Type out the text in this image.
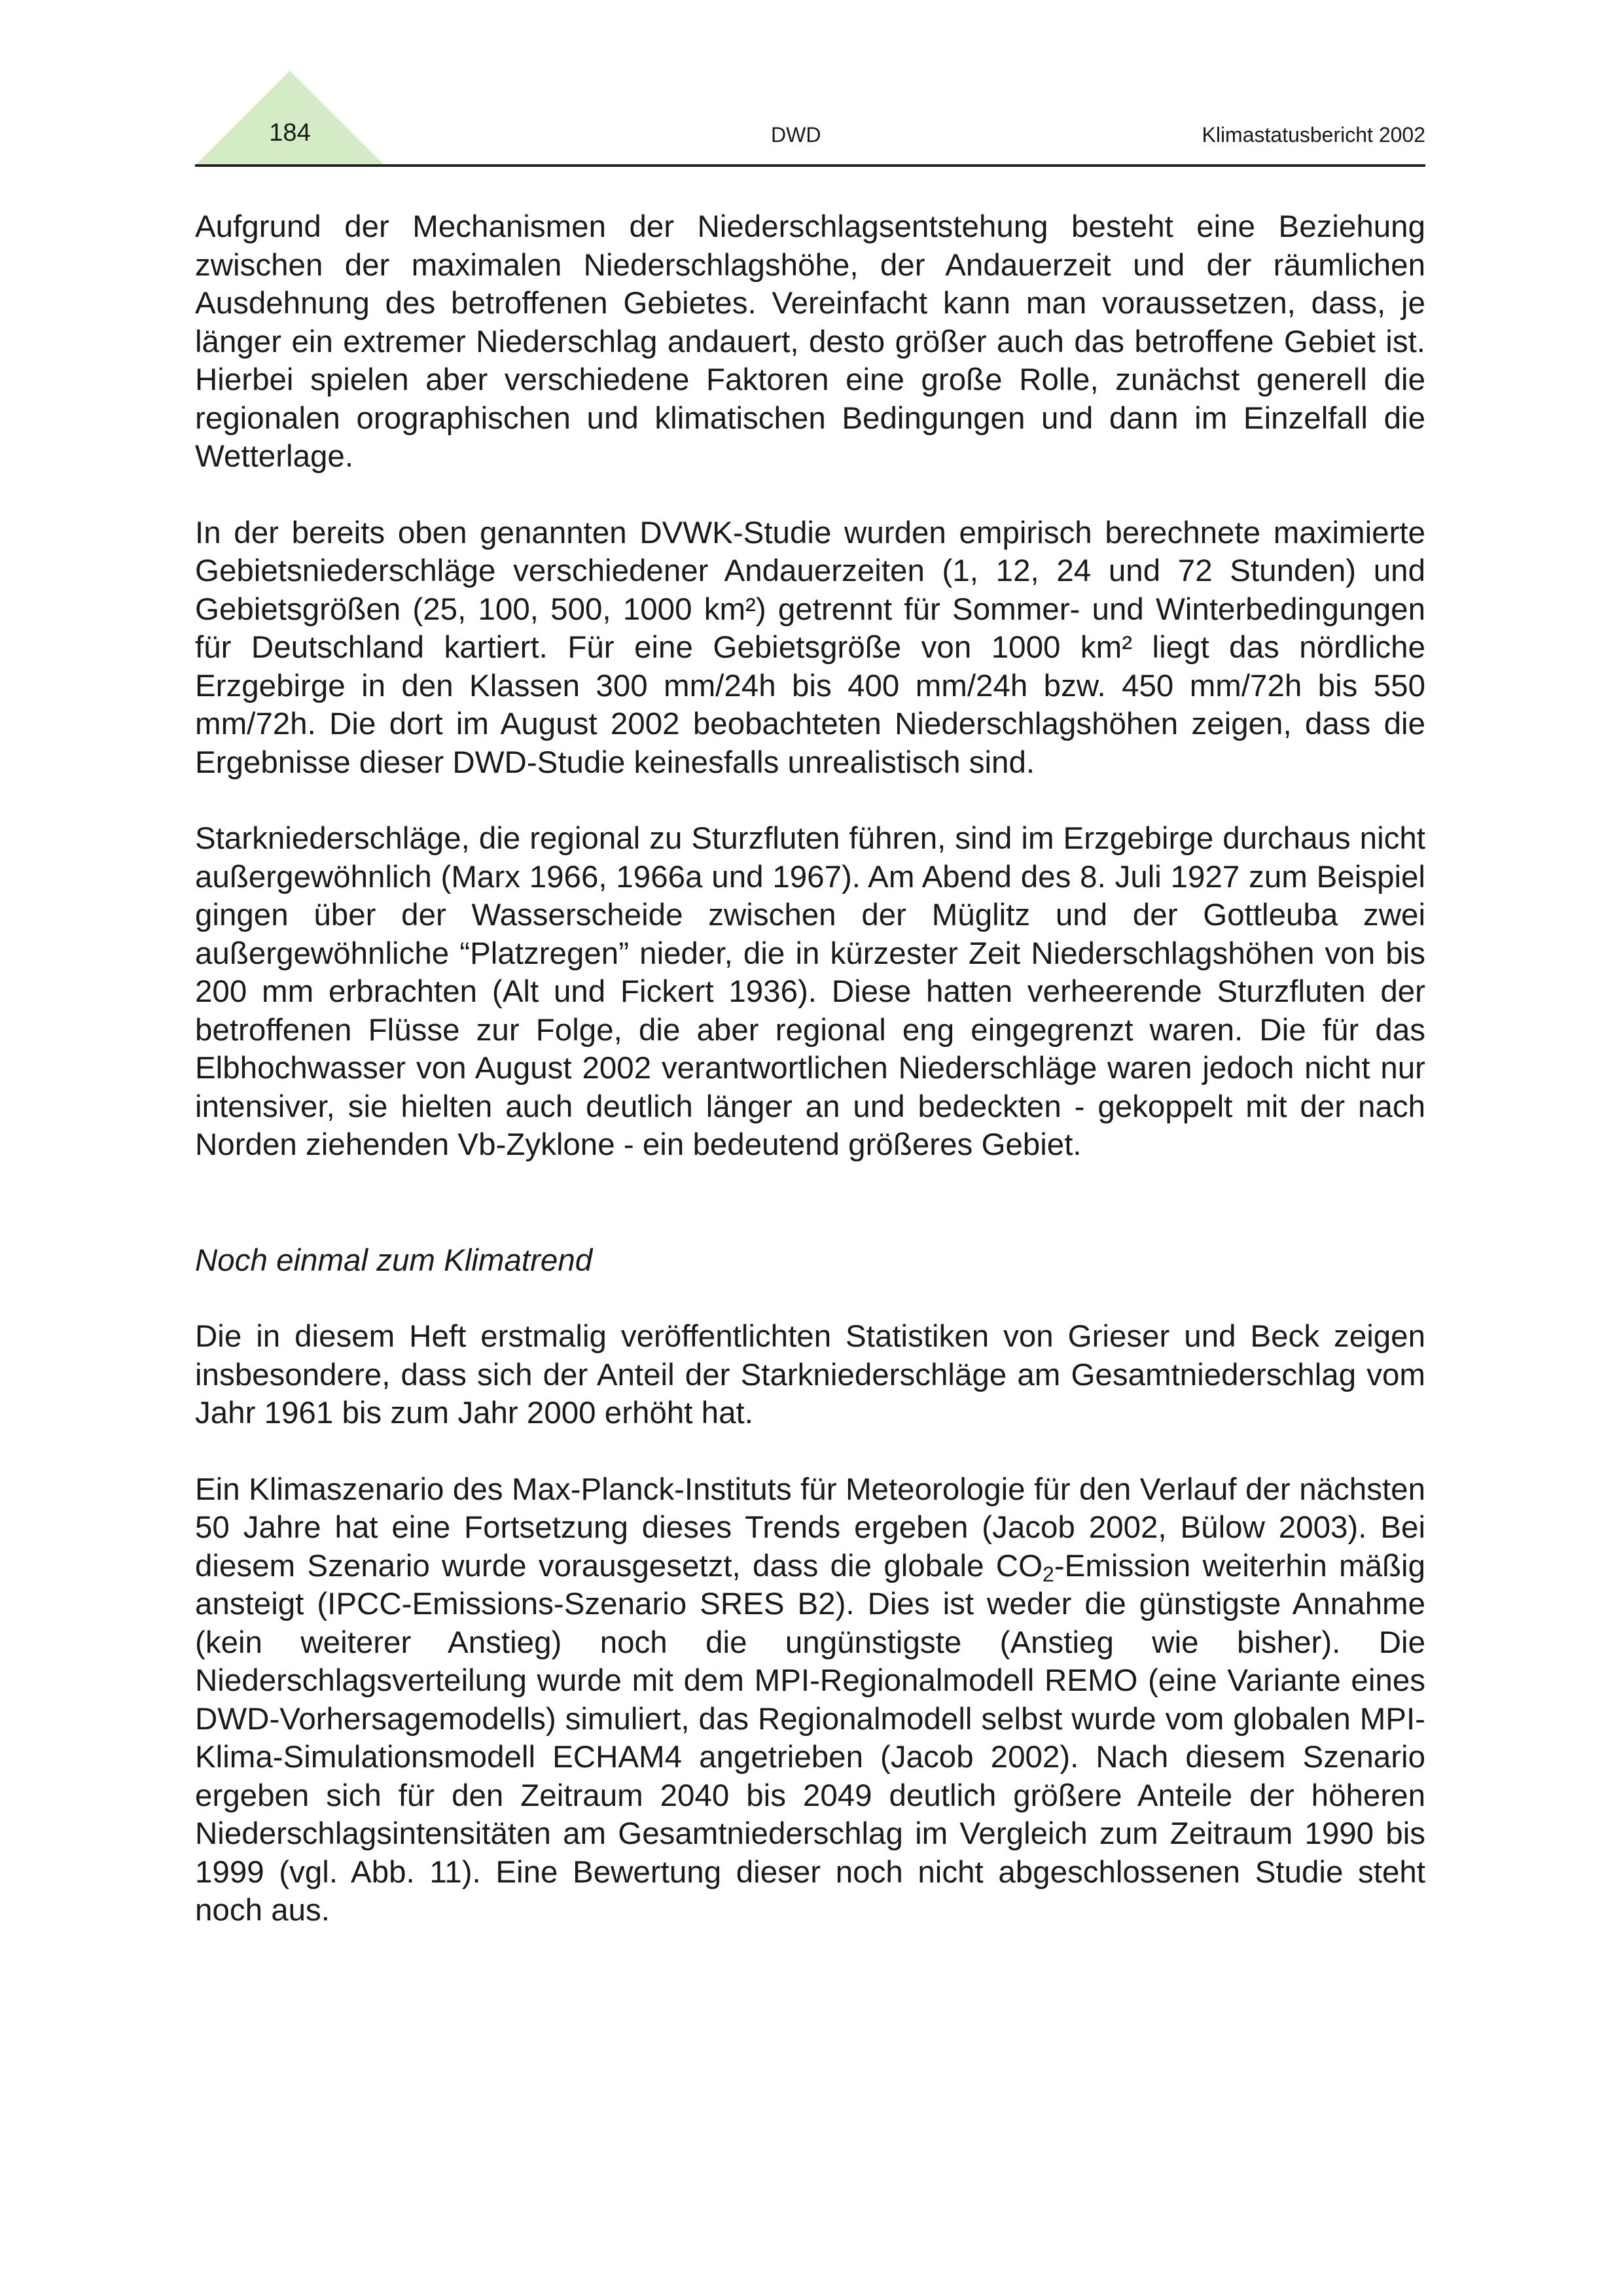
184	DWD	Klimastatusbericht 2002

Aufgrund der Mechanismen der Niederschlagsentstehung besteht eine Beziehung zwischen der maximalen Niederschlagshöhe, der Andauerzeit und der räumlichen Ausdehnung des betroffenen Gebietes. Vereinfacht kann man voraussetzen, dass, je länger ein extremer Niederschlag andauert, desto größer auch das betroffene Gebiet ist. Hierbei spielen aber verschiedene Faktoren eine große Rolle, zunächst generell die regionalen orographischen und klimatischen Bedingungen und dann im Einzelfall die Wetterlage.

In der bereits oben genannten DVWK-Studie wurden empirisch berechnete maximierte Gebietsniederschläge verschiedener Andauerzeiten (1, 12, 24 und 72 Stunden) und Gebietsgrößen (25, 100, 500, 1000 km²) getrennt für Sommer- und Winterbedingungen für Deutschland kartiert. Für eine Gebietsgröße von 1000 km² liegt das nördliche Erzgebirge in den Klassen 300 mm/24h bis 400 mm/24h bzw. 450 mm/72h bis 550 mm/72h. Die dort im August 2002 beobachteten Niederschlagshöhen zeigen, dass die Ergebnisse dieser DWD-Studie keinesfalls unrealistisch sind.

Starkniederschläge, die regional zu Sturzfluten führen, sind im Erzgebirge durchaus nicht außergewöhnlich (Marx 1966, 1966a und 1967). Am Abend des 8. Juli 1927 zum Beispiel gingen über der Wasserscheide zwischen der Müglitz und der Gottleuba zwei außergewöhnliche “Platzregen” nieder, die in kürzester Zeit Niederschlagshöhen von bis 200 mm erbrachten (Alt und Fickert 1936). Diese hatten verheerende Sturzfluten der betroffenen Flüsse zur Folge, die aber regional eng eingegrenzt waren. Die für das Elbhochwasser von August 2002 verantwortlichen Niederschläge waren jedoch nicht nur intensiver, sie hielten auch deutlich länger an und bedeckten - gekoppelt mit der nach Norden ziehenden Vb-Zyklone - ein bedeutend größeres Gebiet.

Noch einmal zum Klimatrend

Die in diesem Heft erstmalig veröffentlichten Statistiken von Grieser und Beck zeigen insbesondere, dass sich der Anteil der Starkniederschläge am Gesamtniederschlag vom Jahr 1961 bis zum Jahr 2000 erhöht hat.

Ein Klimaszenario des Max-Planck-Instituts für Meteorologie für den Verlauf der nächsten 50 Jahre hat eine Fortsetzung dieses Trends ergeben (Jacob 2002, Bülow 2003). Bei diesem Szenario wurde vorausgesetzt, dass die globale $CO_2$-Emission weiterhin mäßig ansteigt (IPCC-Emissions-Szenario SRES B2). Dies ist weder die günstigste Annahme (kein weiterer Anstieg) noch die ungünstigste (Anstieg wie bisher). Die Niederschlagsverteilung wurde mit dem MPI-Regionalmodell REMO (eine Variante eines DWD-Vorhersagemodells) simuliert, das Regionalmodell selbst wurde vom globalen MPI-Klima-Simulationsmodell ECHAM4 angetrieben (Jacob 2002). Nach diesem Szenario ergeben sich für den Zeitraum 2040 bis 2049 deutlich größere Anteile der höheren Niederschlagsintensitäten am Gesamtniederschlag im Vergleich zum Zeitraum 1990 bis 1999 (vgl. Abb. 11). Eine Bewertung dieser noch nicht abgeschlossenen Studie steht noch aus.
